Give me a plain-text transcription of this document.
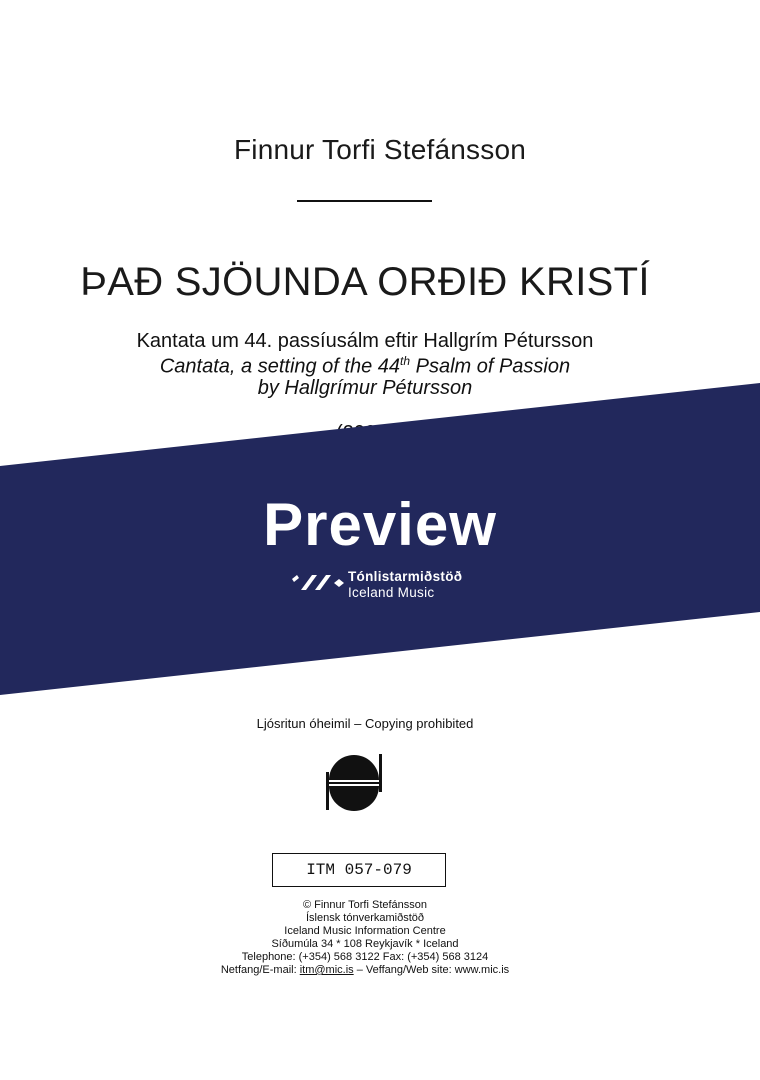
Finnur Torfi Stefánsson
ÞAÐ SJÖUNDA ORÐIÐ KRISTÍ
Kantata um 44. passíusálm eftir Hallgrím Pétursson
Cantata, a setting of the 44th Psalm of Passion
by Hallgrímur Pétursson
Preview
Tónlistarmiðstöð
Iceland Music
Ljósritun óheimil – Copying prohibited
ITM 057-079
© Finnur Torfi Stefánsson
Íslensk tónverkamiðstöð
Iceland Music Information Centre
Síðumúla 34 * 108 Reykjavík * Iceland
Telephone: (+354) 568 3122 Fax: (+354) 568 3124
Netfang/E-mail: itm@mic.is – Veffang/Web site: www.mic.is
